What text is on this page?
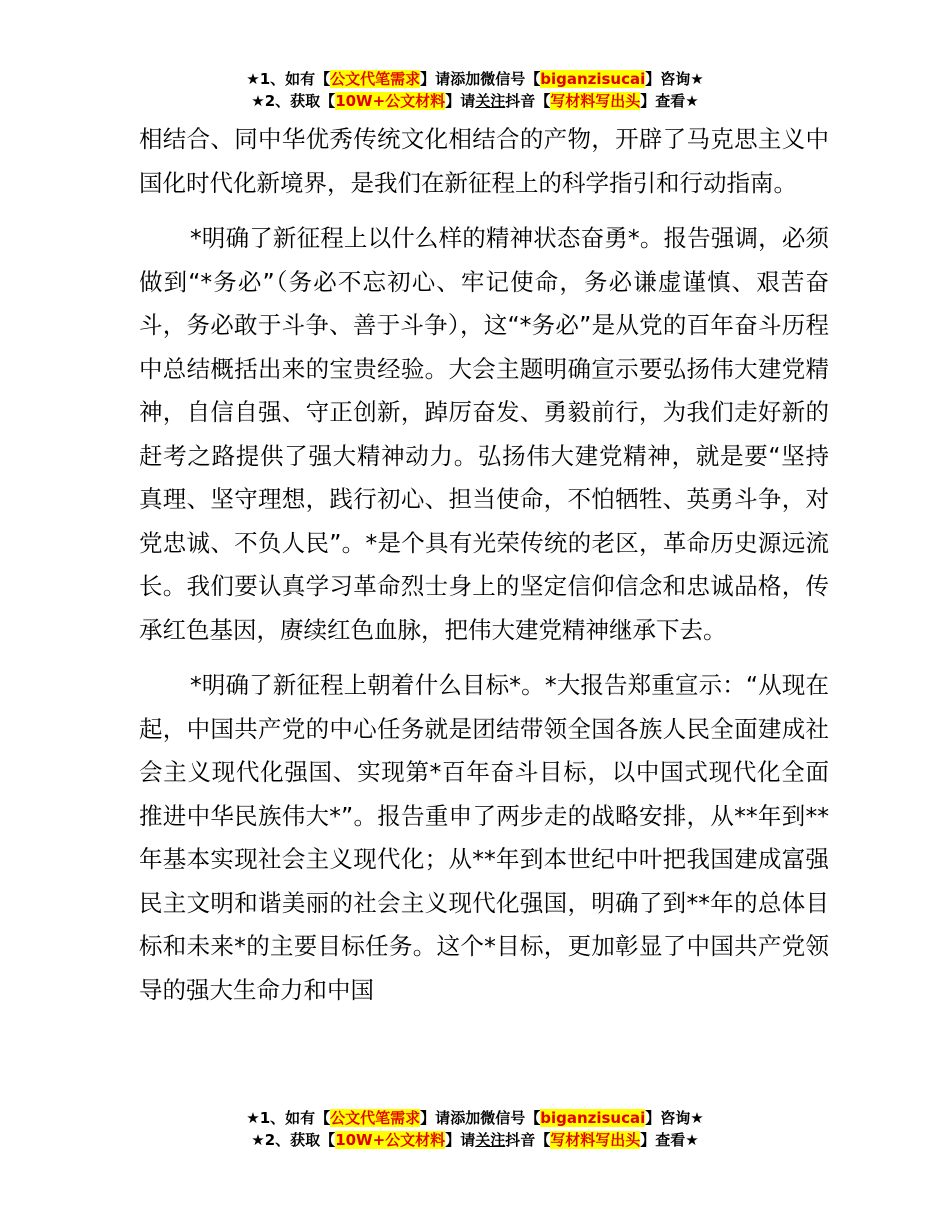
★1、如有【公文代笔需求】请添加微信号【biganzisucai】咨询★
★2、获取【10W+公文材料】请关注抖音【写材料写出头】查看★

相结合、同中华优秀传统文化相结合的产物，开辟了马克思主义中国化时代化新境界，是我们在新征程上的科学指引和行动指南。

*明确了新征程上以什么样的精神状态奋勇*。报告强调，必须做到“*务必”（务必不忘初心、牢记使命，务必谦虚谨慎、艰苦奋斗，务必敢于斗争、善于斗争），这“*务必”是从党的百年奋斗历程中总结概括出来的宝贵经验。大会主题明确宣示要弘扬伟大建党精神，自信自强、守正创新，踔厉奋发、勇毅前行，为我们走好新的赶考之路提供了强大精神动力。弘扬伟大建党精神，就是要“坚持真理、坚守理想，践行初心、担当使命，不怕牺牲、英勇斗争，对党忠诚、不负人民”。*是个具有光荣传统的老区，革命历史源远流长。我们要认真学习革命烈士身上的坚定信仰信念和忠诚品格，传承红色基因，赓续红色血脉，把伟大建党精神继承下去。

*明确了新征程上朝着什么目标*。*大报告郑重宣示：“从现在起，中国共产党的中心任务就是团结带领全国各族人民全面建成社会主义现代化强国、实现第*百年奋斗目标，以中国式现代化全面推进中华民族伟大*”。报告重申了两步走的战略安排，从**年到**年基本实现社会主义现代化；从**年到本世纪中叶把我国建成富强民主文明和谐美丽的社会主义现代化强国，明确了到**年的总体目标和未来*的主要目标任务。这个*目标，更加彰显了中国共产党领导的强大生命力和中国

★1、如有【公文代笔需求】请添加微信号【biganzisucai】咨询★
★2、获取【10W+公文材料】请关注抖音【写材料写出头】查看★
